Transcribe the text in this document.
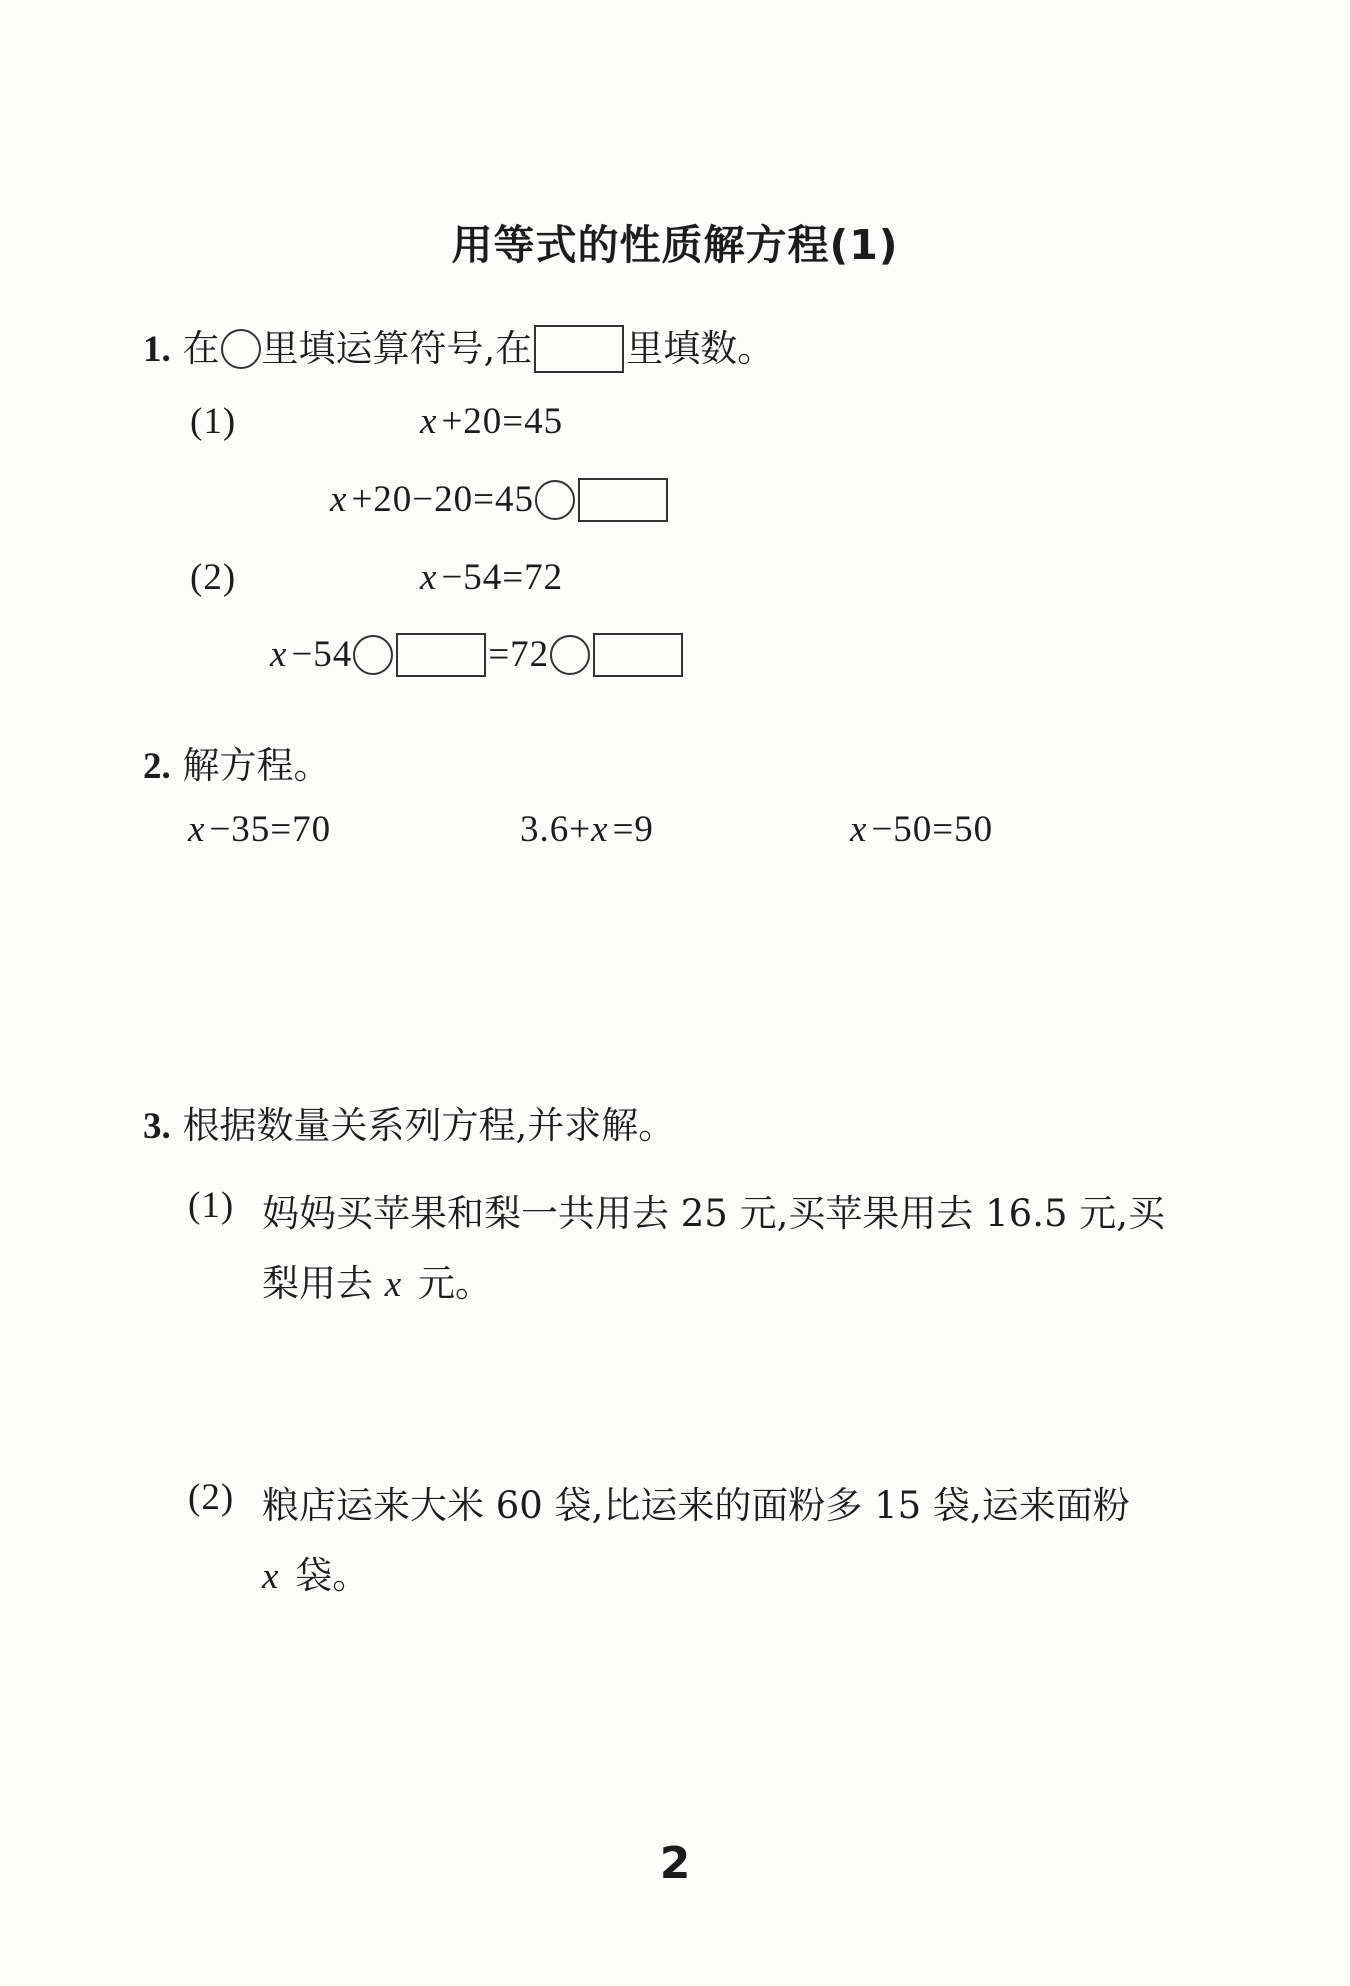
用等式的性质解方程(1)
1. 在 里填运算符号,在	里填数。
(1)	x +20=45
x +20−20=45
(2)	x −54=72
x −54	=72
2. 解方程。
x −35=70	3.6+x =9	x −50=50
3. 根据数量关系列方程,并求解。
(1) 妈妈买苹果和梨一共用去 25 元,买苹果用去 16.5 元,买
梨用去 x 元。
(2) 粮店运来大米 60 袋,比运来的面粉多 15 袋,运来面粉
x 袋。
2
